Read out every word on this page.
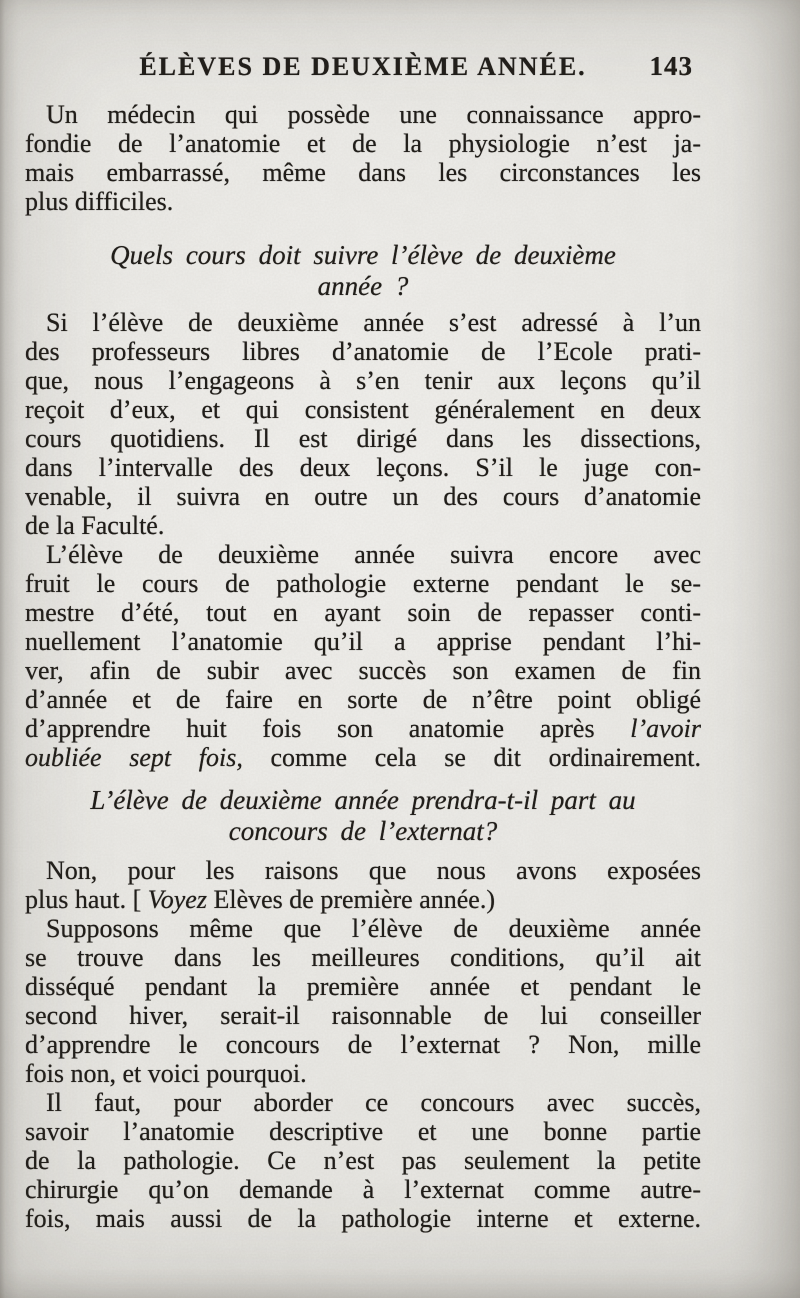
ÉLÈVES DE DEUXIÈME ANNÉE. 143
Un médecin qui possède une connaissance appro-
fondie de l’anatomie et de la physiologie n’est ja-
mais embarrassé, même dans les circonstances les
plus difficiles.
Quels cours doit suivre l’élève de deuxième
année ?
Si l’élève de deuxième année s’est adressé à l’un
des professeurs libres d’anatomie de l’Ecole prati-
que, nous l’engageons à s’en tenir aux leçons qu’il
reçoit d’eux, et qui consistent généralement en deux
cours quotidiens. Il est dirigé dans les dissections,
dans l’intervalle des deux leçons. S’il le juge con-
venable, il suivra en outre un des cours d’anatomie
de la Faculté.
L’élève de deuxième année suivra encore avec
fruit le cours de pathologie externe pendant le se-
mestre d’été, tout en ayant soin de repasser conti-
nuellement l’anatomie qu’il a apprise pendant l’hi-
ver, afin de subir avec succès son examen de fin
d’année et de faire en sorte de n’être point obligé
d’apprendre huit fois son anatomie après l’avoir
oubliée sept fois, comme cela se dit ordinairement.
L’élève de deuxième année prendra-t-il part au
concours de l’externat?
Non, pour les raisons que nous avons exposées
plus haut. [ Voyez Elèves de première année.)
Supposons même que l’élève de deuxième année
se trouve dans les meilleures conditions, qu’il ait
disséqué pendant la première année et pendant le
second hiver, serait-il raisonnable de lui conseiller
d’apprendre le concours de l’externat ? Non, mille
fois non, et voici pourquoi.
Il faut, pour aborder ce concours avec succès,
savoir l’anatomie descriptive et une bonne partie
de la pathologie. Ce n’est pas seulement la petite
chirurgie qu’on demande à l’externat comme autre-
fois, mais aussi de la pathologie interne et externe.
